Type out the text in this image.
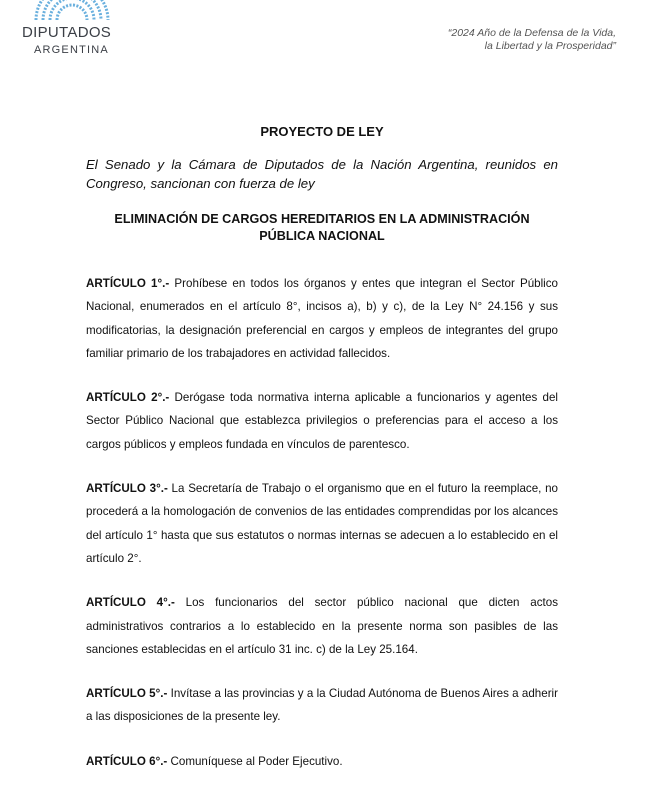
DIPUTADOS
ARGENTINA
“2024 Año de la Defensa de la Vida,
la Libertad y la Prosperidad”
PROYECTO DE LEY
El Senado y la Cámara de Diputados de la Nación Argentina, reunidos en Congreso, sancionan con fuerza de ley
ELIMINACIÓN DE CARGOS HEREDITARIOS EN LA ADMINISTRACIÓN PÚBLICA NACIONAL
ARTÍCULO 1°.- Prohíbese en todos los órganos y entes que integran el Sector Público Nacional, enumerados en el artículo 8°, incisos a), b) y c), de la Ley N° 24.156 y sus modificatorias, la designación preferencial en cargos y empleos de integrantes del grupo familiar primario de los trabajadores en actividad fallecidos.
ARTÍCULO 2°.- Derógase toda normativa interna aplicable a funcionarios y agentes del Sector Público Nacional que establezca privilegios o preferencias para el acceso a los cargos públicos y empleos fundada en vínculos de parentesco.
ARTÍCULO 3°.- La Secretaría de Trabajo o el organismo que en el futuro la reemplace, no procederá a la homologación de convenios de las entidades comprendidas por los alcances del artículo 1° hasta que sus estatutos o normas internas se adecuen a lo establecido en el artículo 2°.
ARTÍCULO 4°.- Los funcionarios del sector público nacional que dicten actos administrativos contrarios a lo establecido en la presente norma son pasibles de las sanciones establecidas en el artículo 31 inc. c) de la Ley 25.164.
ARTÍCULO 5°.- Invítase a las provincias y a la Ciudad Autónoma de Buenos Aires a adherir a las disposiciones de la presente ley.
ARTÍCULO 6°.- Comuníquese al Poder Ejecutivo.
